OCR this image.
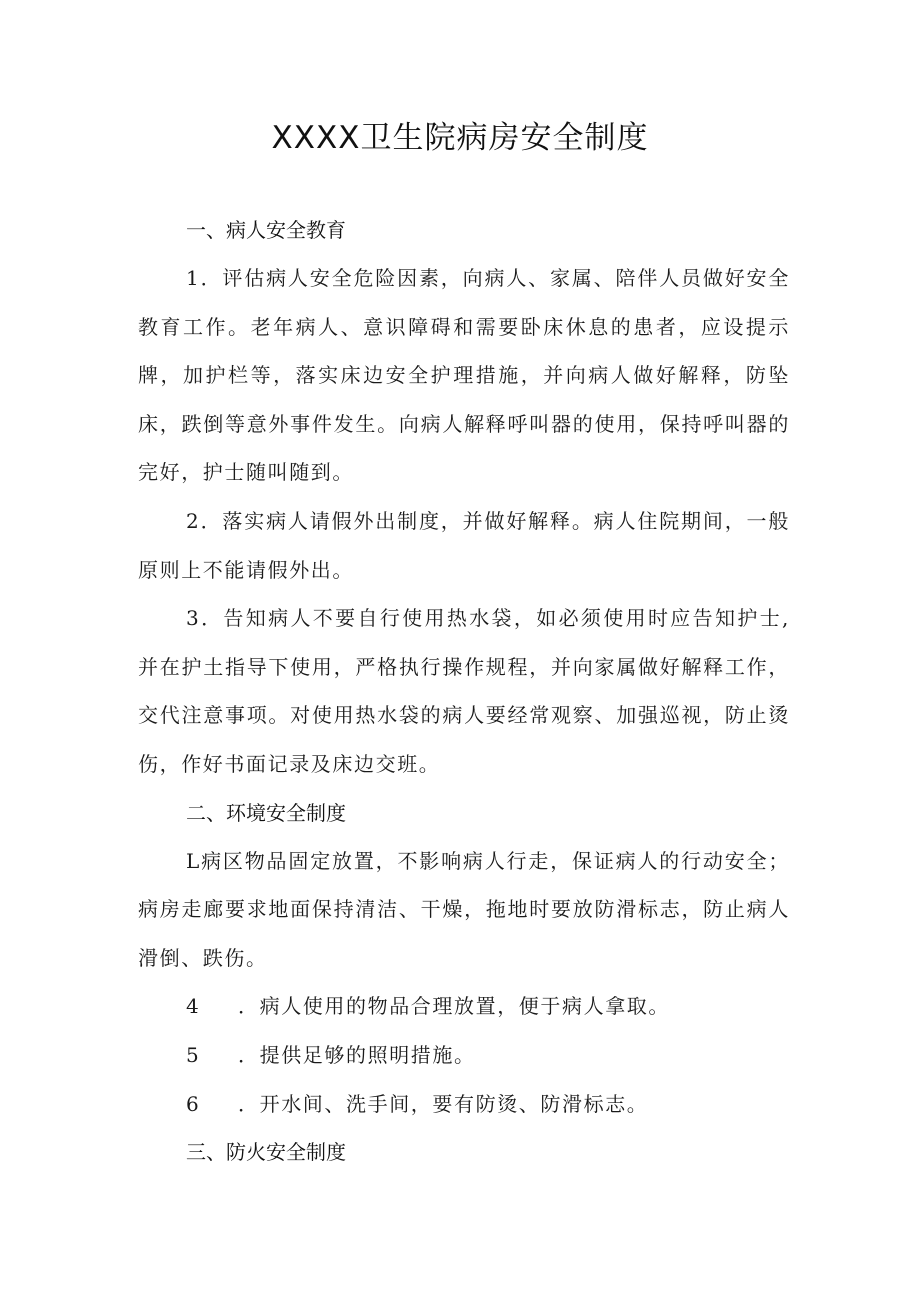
XXXX卫生院病房安全制度
一、病人安全教育

1．评估病人安全危险因素，向病人、家属、陪伴人员做好安全教育工作。老年病人、意识障碍和需要卧床休息的患者，应设提示牌，加护栏等，落实床边安全护理措施，并向病人做好解释，防坠床，跌倒等意外事件发生。向病人解释呼叫器的使用，保持呼叫器的完好，护士随叫随到。

2．落实病人请假外出制度，并做好解释。病人住院期间，一般原则上不能请假外出。

3．告知病人不要自行使用热水袋，如必须使用时应告知护士,并在护土指导下使用，严格执行操作规程，并向家属做好解释工作，交代注意事项。对使用热水袋的病人要经常观察、加强巡视，防止烫伤，作好书面记录及床边交班。

二、环境安全制度

L病区物品固定放置，不影响病人行走，保证病人的行动安全；病房走廊要求地面保持清洁、干燥，拖地时要放防滑标志，防止病人滑倒、跌伤。

4 ．病人使用的物品合理放置，便于病人拿取。
5 ．提供足够的照明措施。
6 ．开水间、洗手间，要有防烫、防滑标志。
三、防火安全制度
